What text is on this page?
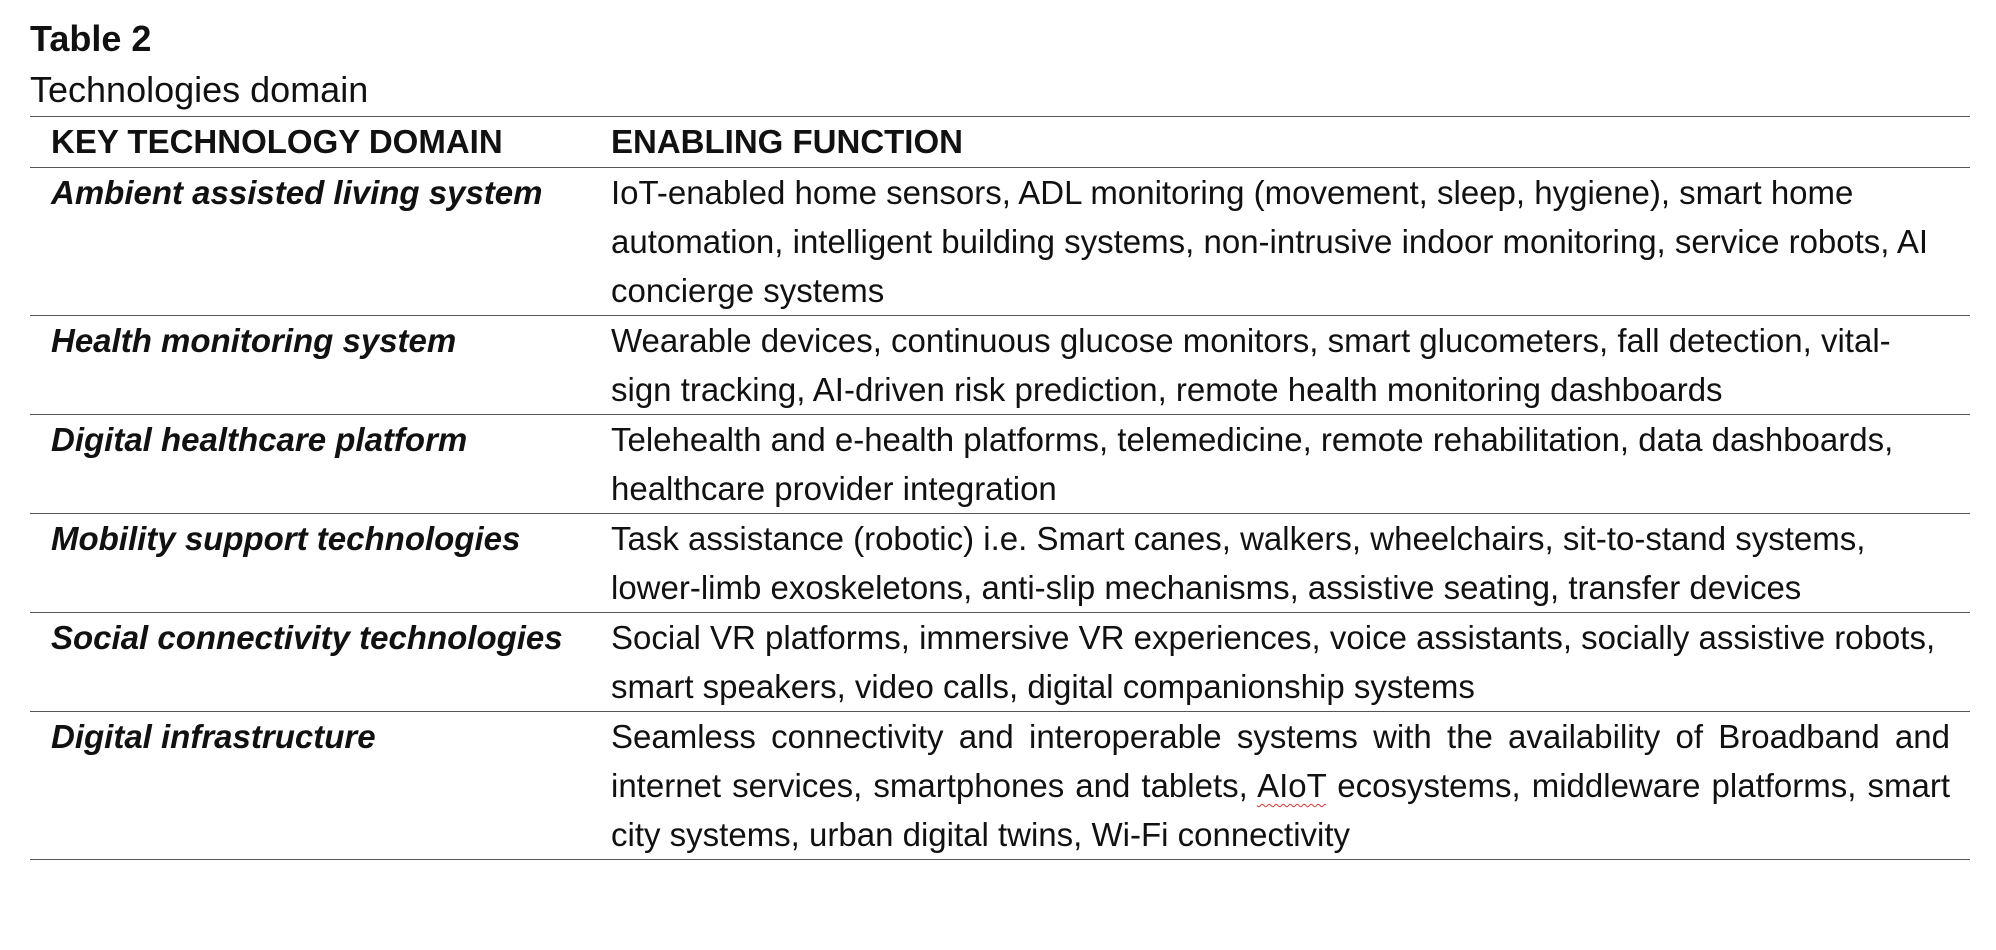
Table 2

Technologies domain

KEY TECHNOLOGY DOMAIN	ENABLING FUNCTION
Ambient assisted living system	IoT-enabled home sensors, ADL monitoring (movement, sleep, hygiene), smart home automation, intelligent building systems, non-intrusive indoor monitoring, service robots, AI concierge systems
Health monitoring system	Wearable devices, continuous glucose monitors, smart glucometers, fall detection, vital-sign tracking, AI-driven risk prediction, remote health monitoring dashboards
Digital healthcare platform	Telehealth and e-health platforms, telemedicine, remote rehabilitation, data dashboards, healthcare provider integration
Mobility support technologies	Task assistance (robotic) i.e. Smart canes, walkers, wheelchairs, sit-to-stand systems, lower-limb exoskeletons, anti-slip mechanisms, assistive seating, transfer devices
Social connectivity technologies	Social VR platforms, immersive VR experiences, voice assistants, socially assistive robots, smart speakers, video calls, digital companionship systems
Digital infrastructure	Seamless connectivity and interoperable systems with the availability of Broadband and internet services, smartphones and tablets, AIoT ecosystems, middleware platforms, smart city systems, urban digital twins, Wi-Fi connectivity
